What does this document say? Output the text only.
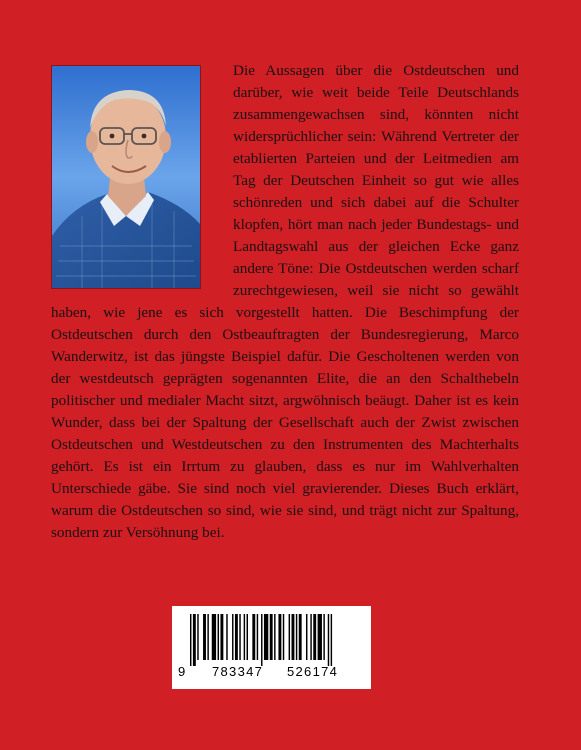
Die Aussagen über die Ostdeutschen und darüber, wie weit beide Teile Deutschlands zusammengewachsen sind, könnten nicht widersprüchlicher sein: Während Vertreter der etablierten Parteien und der Leitmedien am Tag der Deutschen Einheit so gut wie alles schönreden und sich dabei auf die Schulter klopfen, hört man nach jeder Bundestags- und Landtagswahl aus der gleichen Ecke ganz andere Töne: Die Ostdeutschen werden scharf zurechtgewiesen, weil sie nicht so gewählt haben, wie jene es sich vorgestellt hatten. Die Beschimpfung der Ostdeutschen durch den Ostbeauftragten der Bundesregierung, Marco Wanderwitz, ist das jüngste Beispiel dafür. Die Gescholtenen werden von der westdeutsch geprägten sogenannten Elite, die an den Schalthebeln politischer und medialer Macht sitzt, argwöhnisch beäugt. Daher ist es kein Wunder, dass bei der Spaltung der Gesellschaft auch der Zwist zwischen Ostdeutschen und Westdeutschen zu den Instrumenten des Machterhalts gehört. Es ist ein Irrtum zu glauben, dass es nur im Wahlverhalten Unterschiede gäbe. Sie sind noch viel gravierender. Dieses Buch erklärt, warum die Ostdeutschen so sind, wie sie sind, und trägt nicht zur Spaltung, sondern zur Versöhnung bei.

9 783347 526174
